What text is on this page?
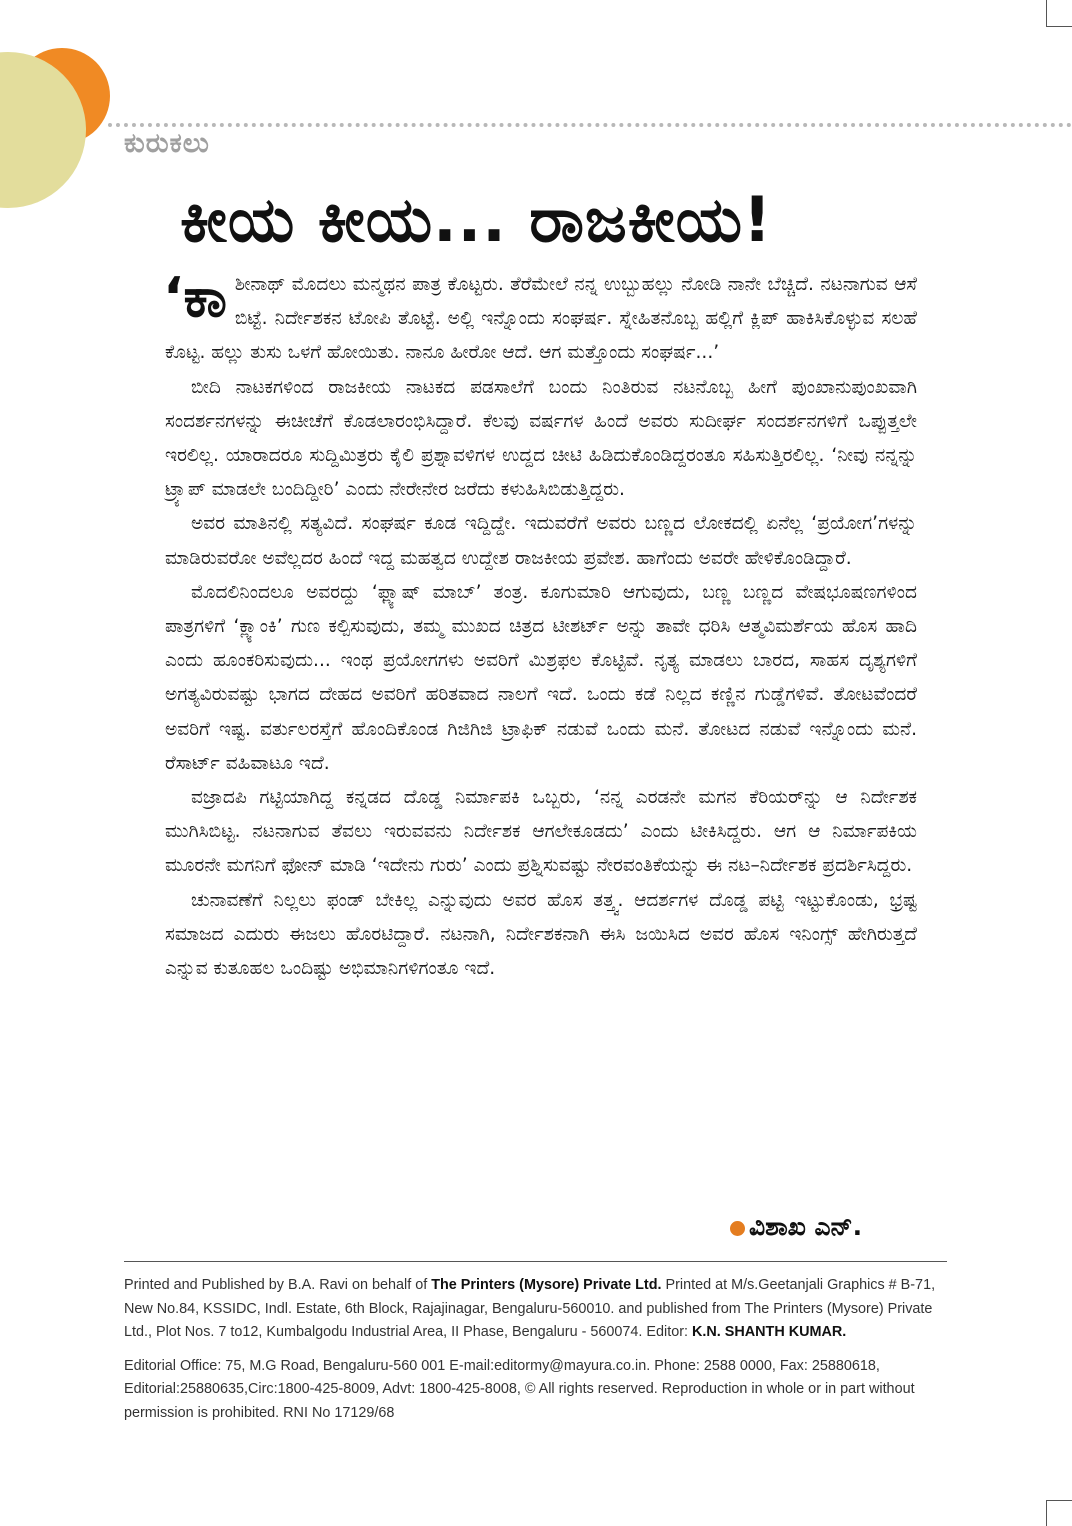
ಕುರುಕಲು
ಕೀಯ ಕೀಯ... ರಾಜಕೀಯ!

‘ಕಾ ಶೀನಾಥ್ ಮೊದಲು ಮನ್ಮಥನ ಪಾತ್ರ ಕೊಟ್ಟರು. ತೆರೆಮೇಲೆ ನನ್ನ ಉಬ್ಬುಹಲ್ಲು ನೋಡಿ ನಾನೇ ಬೆಚ್ಚಿದೆ. ನಟನಾಗುವ ಆಸೆ ಬಿಟ್ಟೆ. ನಿರ್ದೇಶಕನ ಟೋಪಿ ತೊಟ್ಟೆ. ಅಲ್ಲಿ ಇನ್ನೊಂದು ಸಂಘರ್ಷ. ಸ್ನೇಹಿತನೊಬ್ಬ ಹಲ್ಲಿಗೆ ಕ್ಲಿಪ್ ಹಾಕಿಸಿಕೊಳ್ಳುವ ಸಲಹೆ ಕೊಟ್ಟ. ಹಲ್ಲು ತುಸು ಒಳಗೆ ಹೋಯಿತು. ನಾನೂ ಹೀರೋ ಆದೆ. ಆಗ ಮತ್ತೊಂದು ಸಂಘರ್ಷ...’

ಬೀದಿ ನಾಟಕಗಳಿಂದ ರಾಜಕೀಯ ನಾಟಕದ ಪಡಸಾಲೆಗೆ ಬಂದು ನಿಂತಿರುವ ನಟನೊಬ್ಬ ಹೀಗೆ ಪುಂಖಾನುಪುಂಖವಾಗಿ ಸಂದರ್ಶನಗಳನ್ನು ಈಚೀಚೆಗೆ ಕೊಡಲಾರಂಭಿಸಿದ್ದಾರೆ. ಕೆಲವು ವರ್ಷಗಳ ಹಿಂದೆ ಅವರು ಸುದೀರ್ಘ ಸಂದರ್ಶನಗಳಿಗೆ ಒಪ್ಪುತ್ತಲೇ ಇರಲಿಲ್ಲ. ಯಾರಾದರೂ ಸುದ್ದಿಮಿತ್ರರು ಕೈಲಿ ಪ್ರಶ್ನಾವಳಿಗಳ ಉದ್ದದ ಚೀಟಿ ಹಿಡಿದುಕೊಂಡಿದ್ದರಂತೂ ಸಹಿಸುತ್ತಿರಲಿಲ್ಲ. ‘ನೀವು ನನ್ನನ್ನು ಟ್ರ್ಯಾಪ್ ಮಾಡಲೇ ಬಂದಿದ್ದೀರಿ’ ಎಂದು ನೇರೇನೇರ ಜರೆದು ಕಳುಹಿಸಿಬಿಡುತ್ತಿದ್ದರು.

ಅವರ ಮಾತಿನಲ್ಲಿ ಸತ್ಯವಿದೆ. ಸಂಘರ್ಷ ಕೂಡ ಇದ್ದಿದ್ದೇ. ಇದುವರೆಗೆ ಅವರು ಬಣ್ಣದ ಲೋಕದಲ್ಲಿ ಏನೆಲ್ಲ ‘ಪ್ರಯೋಗ’ಗಳನ್ನು ಮಾಡಿರುವರೋ ಅವೆಲ್ಲದರ ಹಿಂದೆ ಇದ್ದ ಮಹತ್ವದ ಉದ್ದೇಶ ರಾಜಕೀಯ ಪ್ರವೇಶ. ಹಾಗೆಂದು ಅವರೇ ಹೇಳಿಕೊಂಡಿದ್ದಾರೆ.

ಮೊದಲಿನಿಂದಲೂ ಅವರದ್ದು ‘ಫ್ಲ್ಯಾಷ್ ಮಾಬ್’ ತಂತ್ರ. ಕೂಗುಮಾರಿ ಆಗುವುದು, ಬಣ್ಣ ಬಣ್ಣದ ವೇಷಭೂಷಣಗಳಿಂದ ಪಾತ್ರಗಳಿಗೆ ‘ಕ್ಲ್ಯಾಂಕಿ’ ಗುಣ ಕಲ್ಪಿಸುವುದು, ತಮ್ಮ ಮುಖದ ಚಿತ್ರದ ಟೀಶರ್ಟ್ ಅನ್ನು ತಾವೇ ಧರಿಸಿ ಆತ್ಮವಿಮರ್ಶೆಯ ಹೊಸ ಹಾದಿ ಎಂದು ಹೂಂಕರಿಸುವುದು... ಇಂಥ ಪ್ರಯೋಗಗಳು ಅವರಿಗೆ ಮಿಶ್ರಫಲ ಕೊಟ್ಟಿವೆ. ನೃತ್ಯ ಮಾಡಲು ಬಾರದ, ಸಾಹಸ ದೃಶ್ಯಗಳಿಗೆ ಅಗತ್ಯವಿರುವಷ್ಟು ಭಾಗದ ದೇಹದ ಅವರಿಗೆ ಹರಿತವಾದ ನಾಲಗೆ ಇದೆ. ಒಂದು ಕಡೆ ನಿಲ್ಲದ ಕಣ್ಣಿನ ಗುಡ್ಡೆಗಳಿವೆ. ತೋಟವೆಂದರೆ ಅವರಿಗೆ ಇಷ್ಟ. ವರ್ತುಲರಸ್ತೆಗೆ ಹೊಂದಿಕೊಂಡ ಗಿಜಿಗಿಜಿ ಟ್ರಾಫಿಕ್ ನಡುವೆ ಒಂದು ಮನೆ. ತೋಟದ ನಡುವೆ ಇನ್ನೊಂದು ಮನೆ. ರೆಸಾರ್ಟ್ ವಹಿವಾಟೂ ಇದೆ.

ವಜ್ರಾದಪಿ ಗಟ್ಟಿಯಾಗಿದ್ದ ಕನ್ನಡದ ದೊಡ್ಡ ನಿರ್ಮಾಪಕಿ ಒಬ್ಬರು, ‘ನನ್ನ ಎರಡನೇ ಮಗನ ಕೆರಿಯರ್‌ನ್ನು ಆ ನಿರ್ದೇಶಕ ಮುಗಿಸಿಬಿಟ್ಟ. ನಟನಾಗುವ ತೆವಲು ಇರುವವನು ನಿರ್ದೇಶಕ ಆಗಲೇಕೂಡದು’ ಎಂದು ಟೀಕಿಸಿದ್ದರು. ಆಗ ಆ ನಿರ್ಮಾಪಕಿಯ ಮೂರನೇ ಮಗನಿಗೆ ಫೋನ್ ಮಾಡಿ ‘ಇದೇನು ಗುರು’ ಎಂದು ಪ್ರಶ್ನಿಸುವಷ್ಟು ನೇರವಂತಿಕೆಯನ್ನು ಈ ನಟ–ನಿರ್ದೇಶಕ ಪ್ರದರ್ಶಿಸಿದ್ದರು.

ಚುನಾವಣೆಗೆ ನಿಲ್ಲಲು ಫಂಡ್ ಬೇಕಿಲ್ಲ ಎನ್ನುವುದು ಅವರ ಹೊಸ ತತ್ತ್ವ. ಆದರ್ಶಗಳ ದೊಡ್ಡ ಪಟ್ಟಿ ಇಟ್ಟುಕೊಂಡು, ಭ್ರಷ್ಟ ಸಮಾಜದ ಎದುರು ಈಜಲು ಹೊರಟಿದ್ದಾರೆ. ನಟನಾಗಿ, ನಿರ್ದೇಶಕನಾಗಿ ಈಸಿ ಜಯಿಸಿದ ಅವರ ಹೊಸ ಇನಿಂಗ್ಸ್ ಹೇಗಿರುತ್ತದೆ ಎನ್ನುವ ಕುತೂಹಲ ಒಂದಿಷ್ಟು ಅಭಿಮಾನಿಗಳಿಗಂತೂ ಇದೆ.

ವಿಶಾಖ ಎನ್.

Printed and Published by B.A. Ravi on behalf of The Printers (Mysore) Private Ltd. Printed at M/s.Geetanjali Graphics # B-71, New No.84, KSSIDC, Indl. Estate, 6th Block, Rajajinagar, Bengaluru-560010. and published from The Printers (Mysore) Private Ltd., Plot Nos. 7 to12, Kumbalgodu Industrial Area, II Phase, Bengaluru - 560074. Editor: K.N. SHANTH KUMAR.

Editorial Office: 75, M.G Road, Bengaluru-560 001 E-mail:editormy@mayura.co.in. Phone: 2588 0000, Fax: 25880618, Editorial:25880635,Circ:1800-425-8009, Advt: 1800-425-8008, © All rights reserved. Reproduction in whole or in part without permission is prohibited. RNI No 17129/68
